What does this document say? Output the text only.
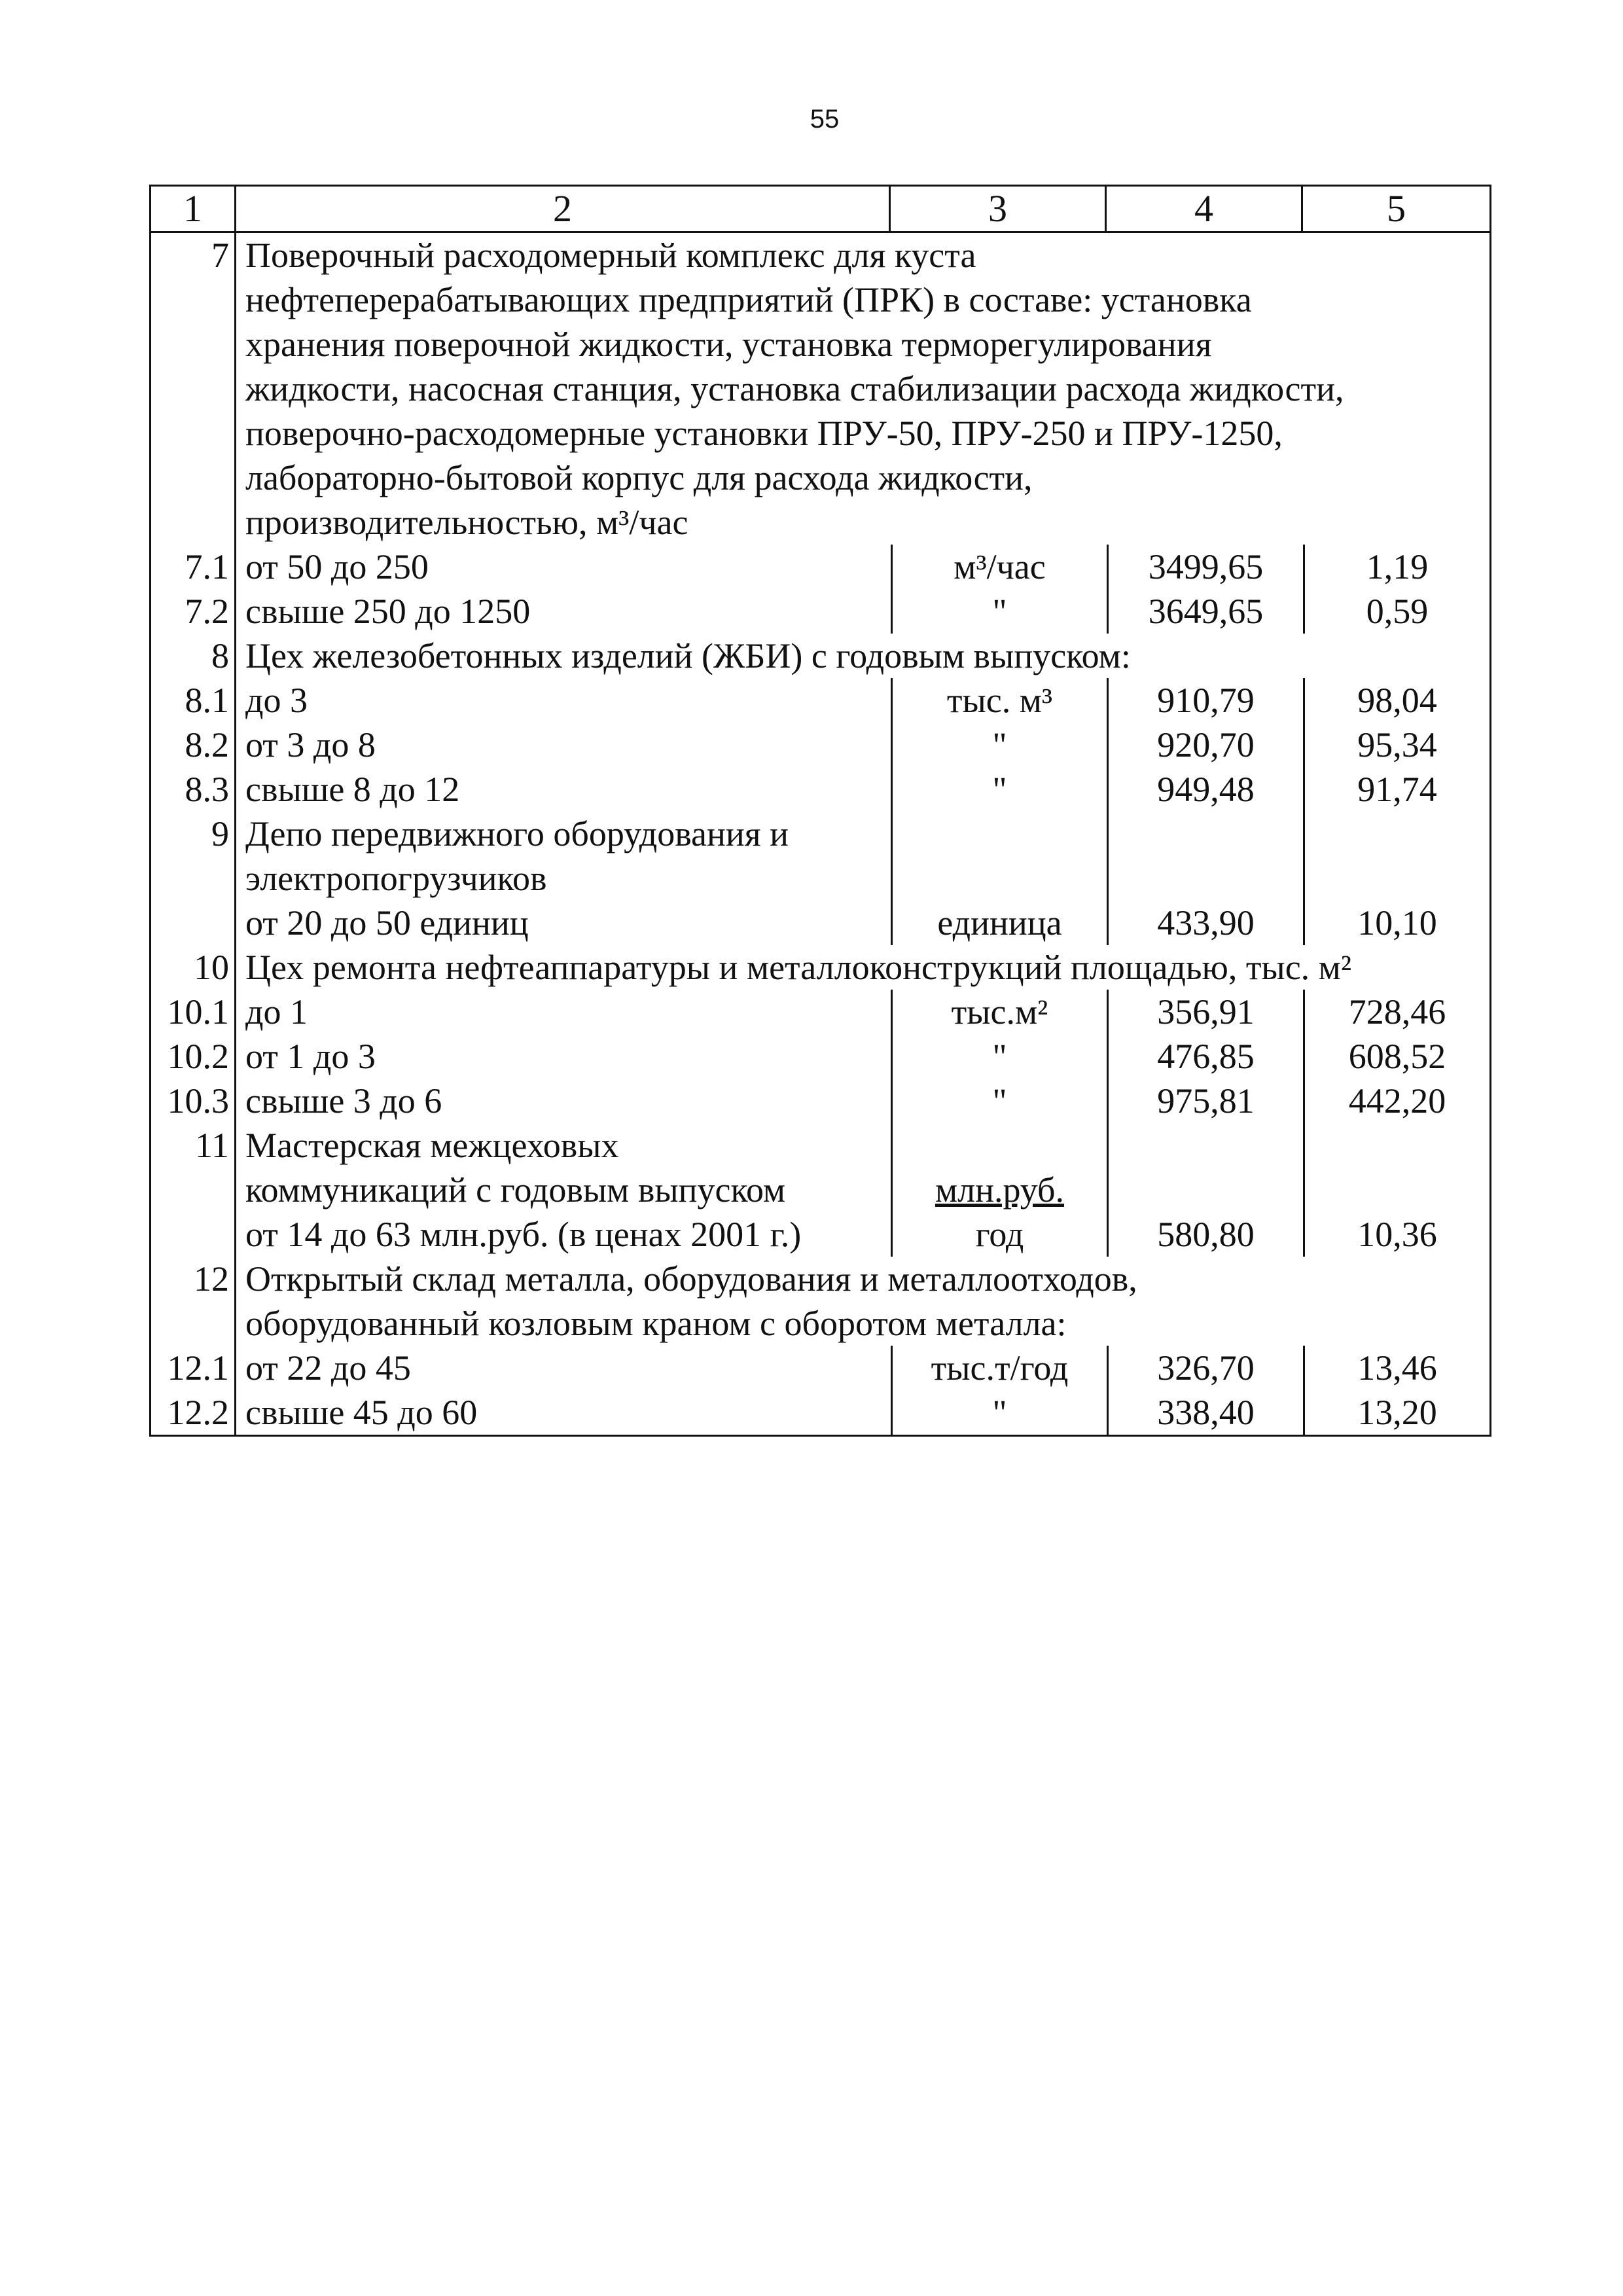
55
1	2	3	4	5
7 Поверочный расходомерный комплекс для куста
нефтеперерабатывающих предприятий (ПРК) в составе: установка
хранения поверочной жидкости, установка терморегулирования
жидкости, насосная станция, установка стабилизации расхода жидкости,
поверочно-расходомерные установки ПРУ-50, ПРУ-250 и ПРУ-1250,
лабораторно-бытовой корпус для расхода жидкости,
производительностью, м³/час
7.1 от 50 до 250	м³/час	3499,65	1,19
7.2 свыше 250 до 1250	"	3649,65	0,59
8 Цех железобетонных изделий (ЖБИ) с годовым выпуском:
8.1 до 3	тыс. м³	910,79	98,04
8.2 от 3 до 8	"	920,70	95,34
8.3 свыше 8 до 12	"	949,48	91,74
9 Депо передвижного оборудования и
электропогрузчиков
от 20 до 50 единиц	единица	433,90	10,10
10 Цех ремонта нефтеаппаратуры и металлоконструкций площадью, тыс. м²
10.1 до 1	тыс.м²	356,91	728,46
10.2 от 1 до 3	"	476,85	608,52
10.3 свыше 3 до 6	"	975,81	442,20
11 Мастерская межцеховых
коммуникаций с годовым выпуском	млн.руб.
от 14 до 63 млн.руб. (в ценах 2001 г.)	год	580,80	10,36
12 Открытый склад металла, оборудования и металлоотходов,
оборудованный козловым краном с оборотом металла:
12.1 от 22 до 45	тыс.т/год	326,70	13,46
12.2 свыше 45 до 60	"	338,40	13,20
